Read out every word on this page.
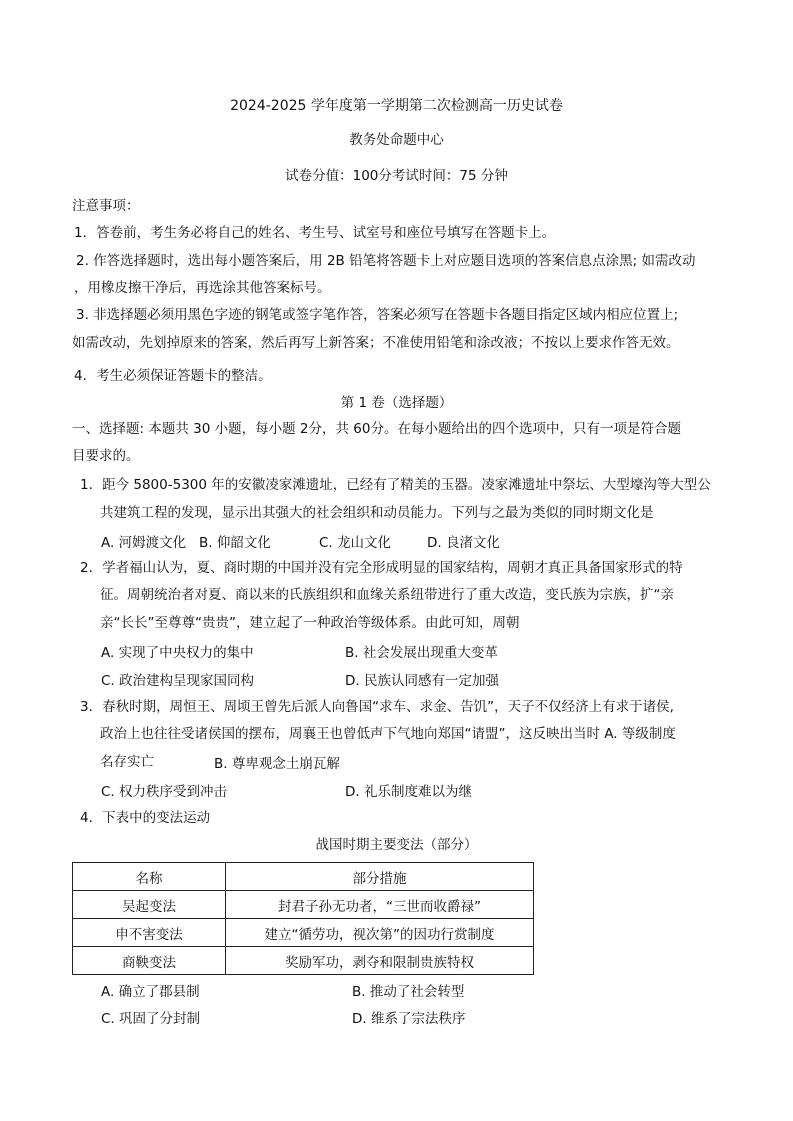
2024-2025 学年度第一学期第二次检测高一历史试卷
教务处命题中心
试卷分值：100分考试时间：75 分钟
注意事项：
1．答卷前，考生务必将自己的姓名、考生号、试室号和座位号填写在答题卡上。
2. 作答选择题时，选出每小题答案后，用 2B 铅笔将答题卡上对应题目选项的答案信息点涂黑; 如需改动
，用橡皮擦干净后，再选涂其他答案标号。
3. 非选择题必须用黑色字迹的钢笔或签字笔作答，答案必须写在答题卡各题目指定区域内相应位置上;
如需改动，先划掉原来的答案，然后再写上新答案；不准使用铅笔和涂改液；不按以上要求作答无效。
4．考生必须保证答题卡的整洁。
第 1 卷（选择题）
一、选择题: 本题共 30 小题，每小题 2分，共 60分。在每小题给出的四个选项中，只有一项是符合题
目要求的。
1．距今 5800-5300 年的安徽凌家滩遗址，已经有了精美的玉器。凌家滩遗址中祭坛、大型壕沟等大型公
共建筑工程的发现，显示出其强大的社会组织和动员能力。下列与之最为类似的同时期文化是
A. 河姆渡文化 B. 仰韶文化	C. 龙山文化	D. 良渚文化
2．学者福山认为，夏、商时期的中国并没有完全形成明显的国家结构，周朝才真正具备国家形式的特
征。周朝统治者对夏、商以来的氏族组织和血缘关系纽带进行了重大改造，变氏族为宗族，扩“亲
亲“长长”至尊尊“贵贵”，建立起了一种政治等级体系。由此可知，周朝
A. 实现了中央权力的集中	B. 社会发展出现重大变革
C. 政治建构呈现家国同构	D. 民族认同感有一定加强
3．春秋时期，周恒王、周顷王曾先后派人向鲁国“求车、求金、告饥”，天子不仅经济上有求于诸侯,
政治上也往往受诸侯国的摆布，周襄王也曾低声下气地向郑国“请盟”，这反映出当时 A. 等级制度
名存实亡	B. 尊卑观念土崩瓦解
C. 权力秩序受到冲击	D. 礼乐制度难以为继
4．下表中的变法运动
战国时期主要变法（部分）
名称	部分措施
吴起变法	封君子孙无功者，“三世而收爵禄”
申不害变法	建立“循劳功，视次第”的因功行赏制度
商鞅变法	奖励军功，剥夺和限制贵族特权
A. 确立了郡县制	B. 推动了社会转型
C. 巩固了分封制	D. 维系了宗法秩序
